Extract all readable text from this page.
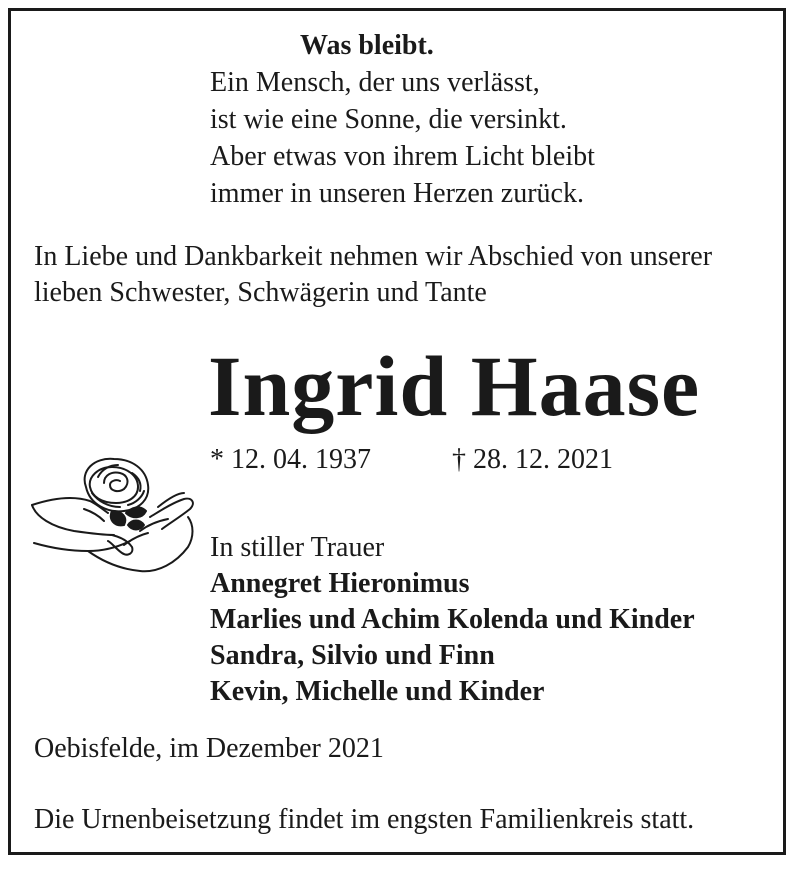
Was bleibt.
Ein Mensch, der uns verlässt,
ist wie eine Sonne, die versinkt.
Aber etwas von ihrem Licht bleibt
immer in unseren Herzen zurück.
In Liebe und Dankbarkeit nehmen wir Abschied von unserer
lieben Schwester, Schwägerin und Tante
Ingrid Haase
* 12. 04. 1937	† 28. 12. 2021
In stiller Trauer
Annegret Hieronimus
Marlies und Achim Kolenda und Kinder
Sandra, Silvio und Finn
Kevin, Michelle und Kinder
Oebisfelde, im Dezember 2021
Die Urnenbeisetzung findet im engsten Familienkreis statt.
